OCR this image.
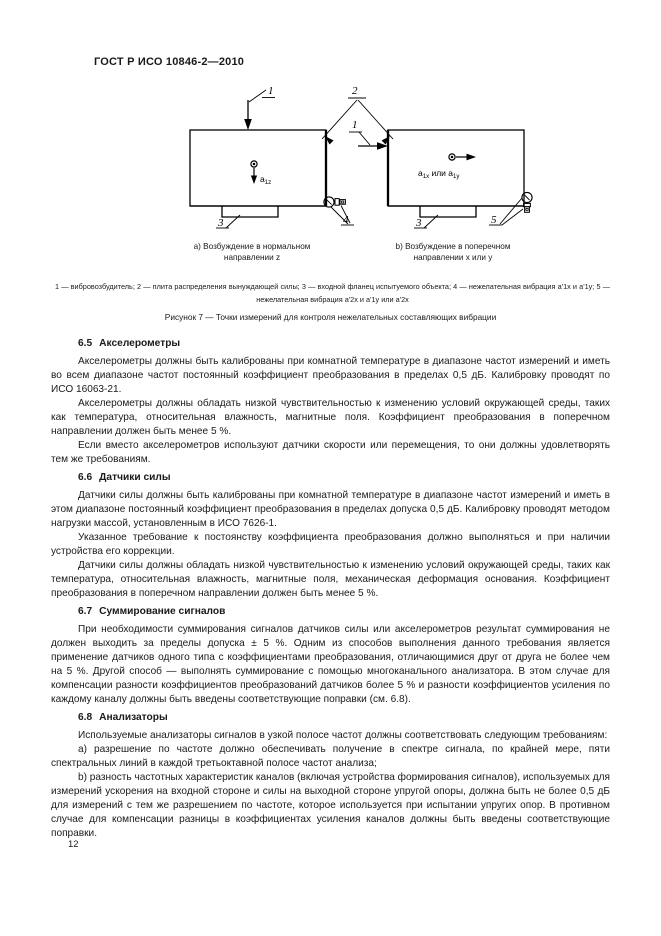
ГОСТ Р ИСО 10846-2—2010
1	2
1
3	3
4	5
$a_{1z}$
$a_{1x}$ или $a_{1y}$
a) Возбуждение в нормальном
направлении z
b) Возбуждение в поперечном
направлении x или y
1 — вибровозбудитель; 2 — плита распределения вынуждающей силы; 3 — входной фланец испытуемого объекта; 4 — нежелательная вибрация a'1x и a'1y; 5 — нежелательная вибрация a'2x и a'1y или a'2x
Рисунок 7 — Точки измерений для контроля нежелательных составляющих вибрации
6.5 Акселерометры

Акселерометры должны быть калиброваны при комнатной температуре в диапазоне частот измерений и иметь во всем диапазоне частот постоянный коэффициент преобразования в пределах 0,5 дБ. Калибровку проводят по ИСО 16063-21.

Акселерометры должны обладать низкой чувствительностью к изменению условий окружающей среды, таких как температура, относительная влажность, магнитные поля. Коэффициент преобразования в поперечном направлении должен быть менее 5 %.

Если вместо акселерометров используют датчики скорости или перемещения, то они должны удовлетворять тем же требованиям.

6.6 Датчики силы

Датчики силы должны быть калиброваны при комнатной температуре в диапазоне частот измерений и иметь в этом диапазоне постоянный коэффициент преобразования в пределах допуска 0,5 дБ. Калибровку проводят методом нагрузки массой, установленным в ИСО 7626-1.

Указанное требование к постоянству коэффициента преобразования должно выполняться и при наличии устройства его коррекции.

Датчики силы должны обладать низкой чувствительностью к изменению условий окружающей среды, таких как температура, относительная влажность, магнитные поля, механическая деформация основания. Коэффициент преобразования в поперечном направлении должен быть менее 5 %.

6.7 Суммирование сигналов

При необходимости суммирования сигналов датчиков силы или акселерометров результат суммирования не должен выходить за пределы допуска ± 5 %. Одним из способов выполнения данного требования является применение датчиков одного типа с коэффициентами преобразования, отличающимися друг от друга не более чем на 5 %. Другой способ — выполнять суммирование с помощью многоканального анализатора. В этом случае для компенсации разности коэффициентов преобразований датчиков более 5 % и разности коэффициентов усиления по каждому каналу должны быть введены соответствующие поправки (см. 6.8).

6.8 Анализаторы

Используемые анализаторы сигналов в узкой полосе частот должны соответствовать следующим требованиям:

a) разрешение по частоте должно обеспечивать получение в спектре сигнала, по крайней мере, пяти спектральных линий в каждой третьоктавной полосе частот анализа;

b) разность частотных характеристик каналов (включая устройства формирования сигналов), используемых для измерений ускорения на входной стороне и силы на выходной стороне упругой опоры, должна быть не более 0,5 дБ для измерений с тем же разрешением по частоте, которое используется при испытании упругих опор. В противном случае для компенсации разницы в коэффициентах усиления каналов должны быть введены соответствующие поправки.

12
